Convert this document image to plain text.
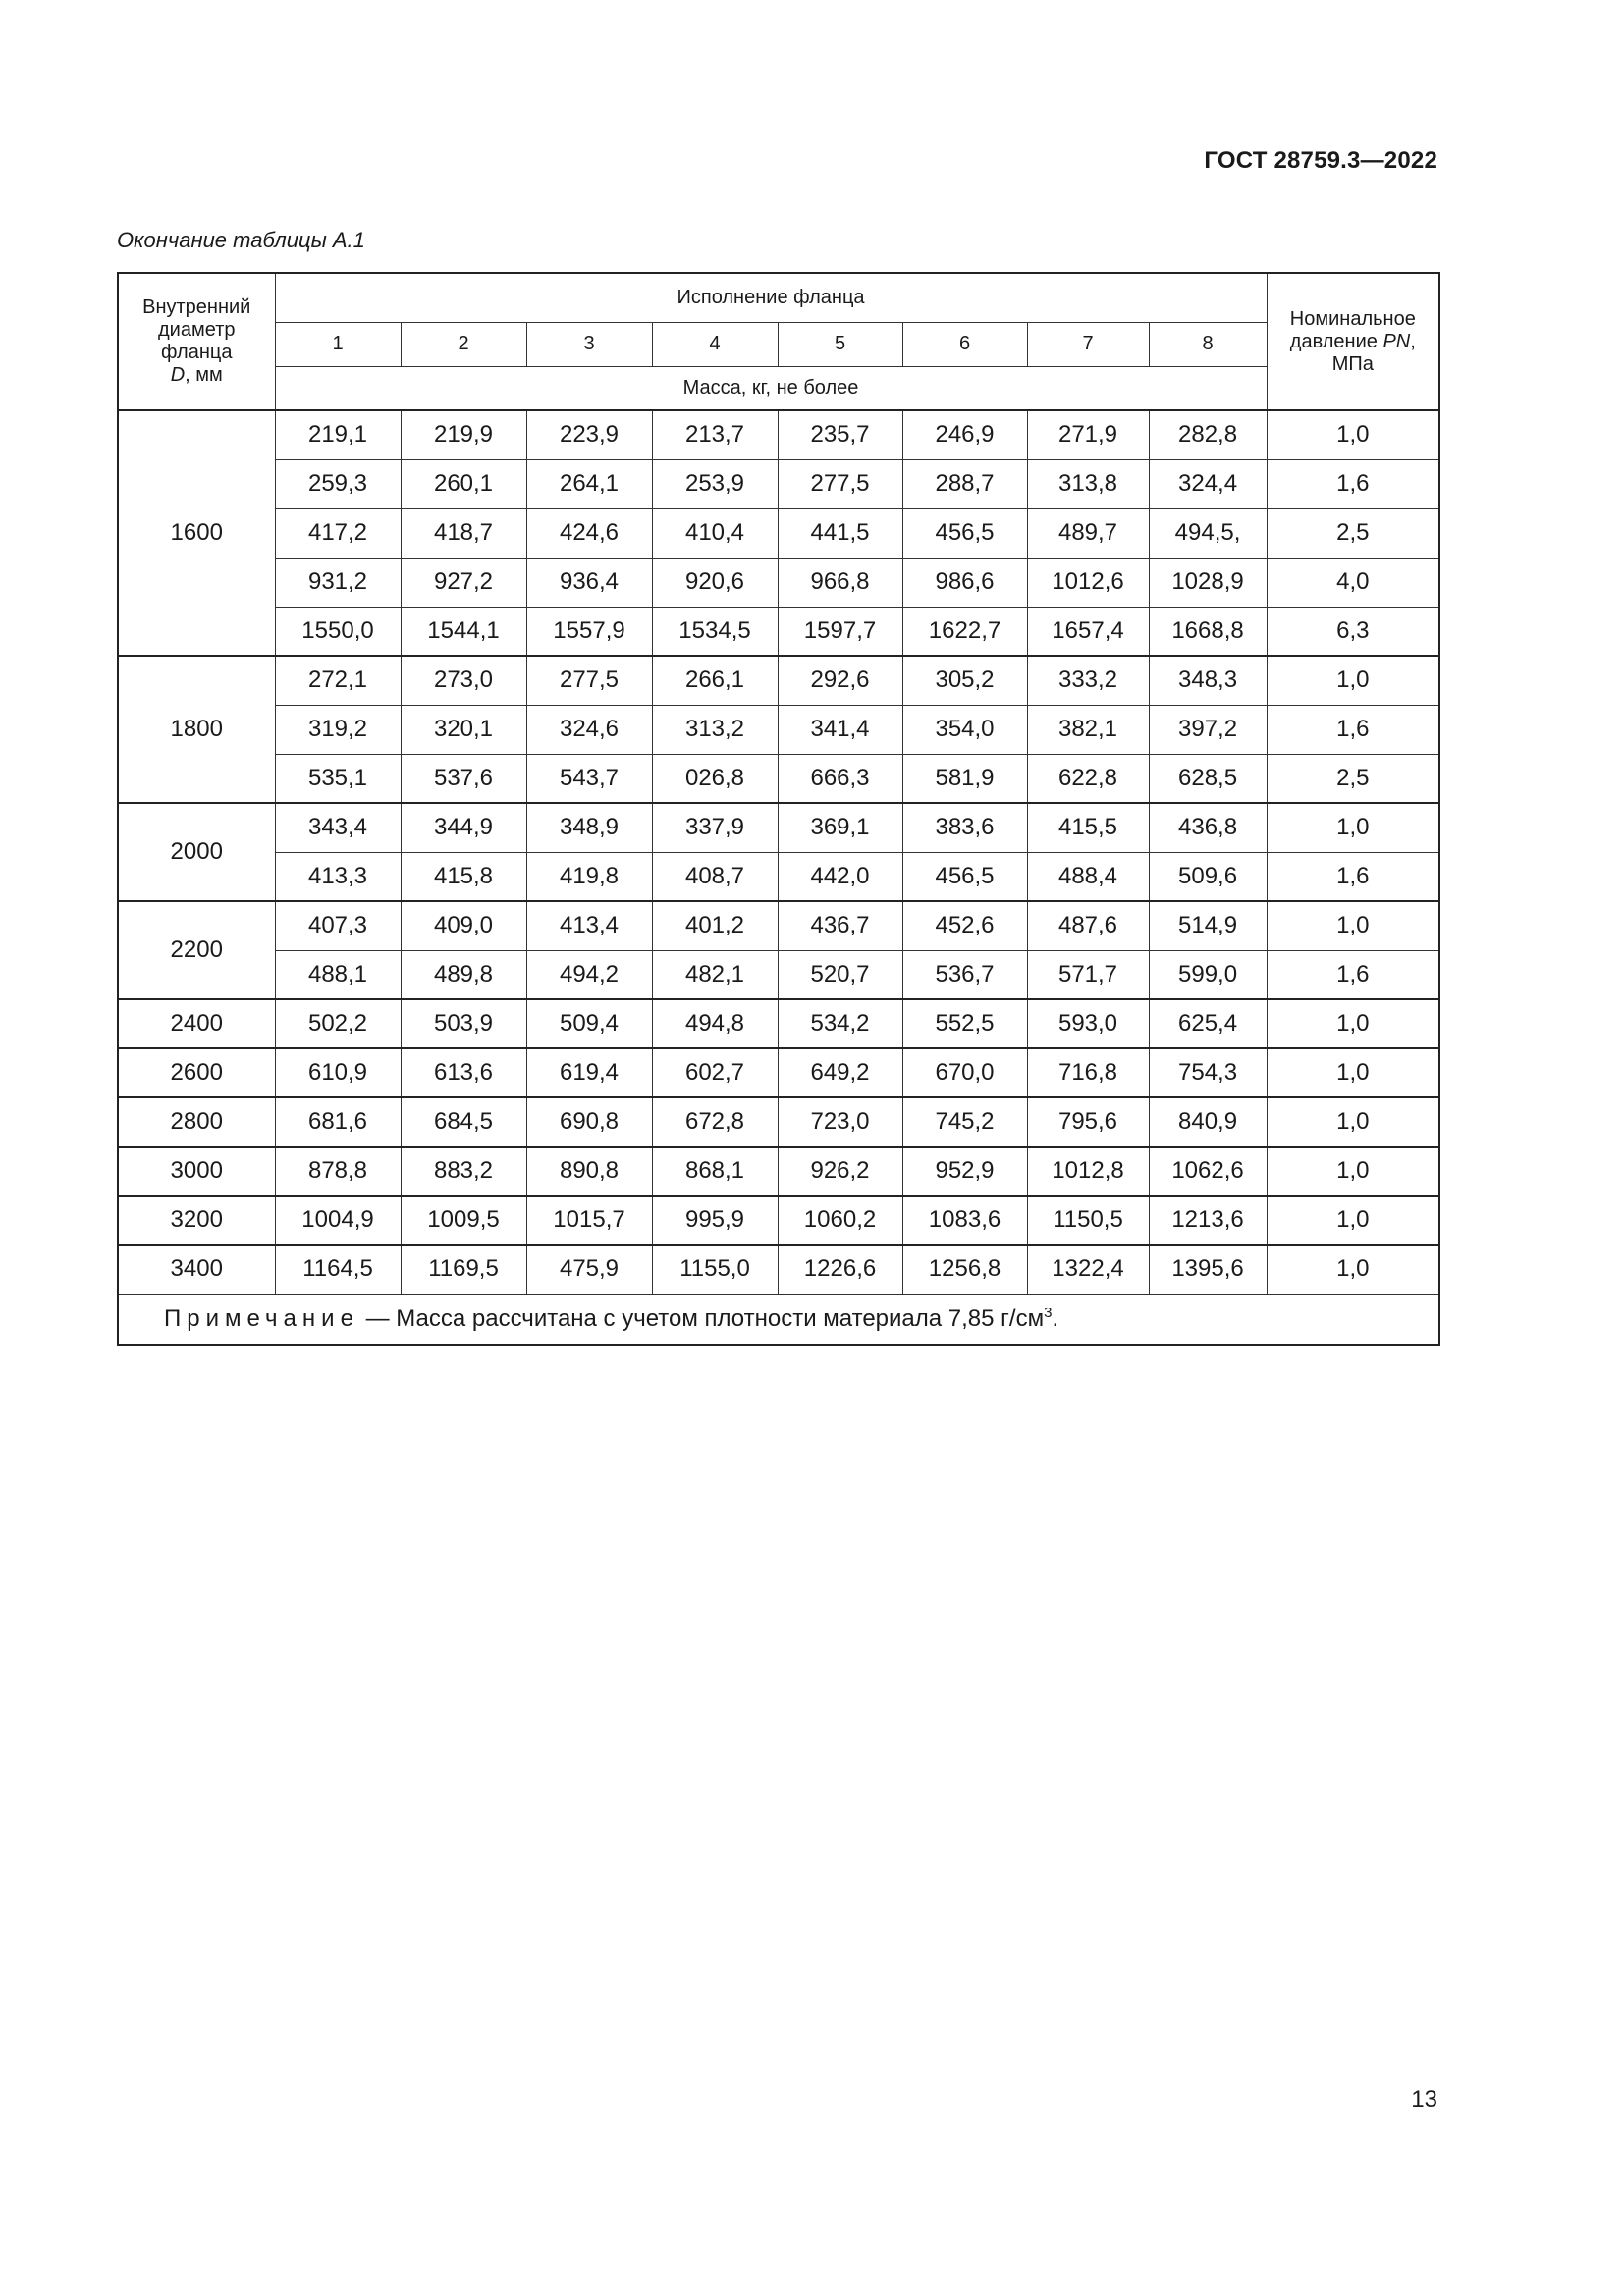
ГОСТ 28759.3—2022
Окончание таблицы А.1
Внутренний
диаметр
фланца
D, мм	Исполнение фланца								Номинальное
давление PN,
МПа
	1	2	3	4	5	6	7	8	
	Масса, кг, не более								
1600	219,1	219,9	223,9	213,7	235,7	246,9	271,9	282,8	1,0
	259,3	260,1	264,1	253,9	277,5	288,7	313,8	324,4	1,6
	417,2	418,7	424,6	410,4	441,5	456,5	489,7	494,5,	2,5
	931,2	927,2	936,4	920,6	966,8	986,6	1012,6	1028,9	4,0
	1550,0	1544,1	1557,9	1534,5	1597,7	1622,7	1657,4	1668,8	6,3
1800	272,1	273,0	277,5	266,1	292,6	305,2	333,2	348,3	1,0
	319,2	320,1	324,6	313,2	341,4	354,0	382,1	397,2	1,6
	535,1	537,6	543,7	026,8	666,3	581,9	622,8	628,5	2,5
2000	343,4	344,9	348,9	337,9	369,1	383,6	415,5	436,8	1,0
	413,3	415,8	419,8	408,7	442,0	456,5	488,4	509,6	1,6
2200	407,3	409,0	413,4	401,2	436,7	452,6	487,6	514,9	1,0
	488,1	489,8	494,2	482,1	520,7	536,7	571,7	599,0	1,6
2400	502,2	503,9	509,4	494,8	534,2	552,5	593,0	625,4	1,0
2600	610,9	613,6	619,4	602,7	649,2	670,0	716,8	754,3	1,0
2800	681,6	684,5	690,8	672,8	723,0	745,2	795,6	840,9	1,0
3000	878,8	883,2	890,8	868,1	926,2	952,9	1012,8	1062,6	1,0
3200	1004,9	1009,5	1015,7	995,9	1060,2	1083,6	1150,5	1213,6	1,0
3400	1164,5	1169,5	475,9	1155,0	1226,6	1256,8	1322,4	1395,6	1,0
Примечание — Масса рассчитана с учетом плотности материала 7,85 $г/см^3$.									
13
